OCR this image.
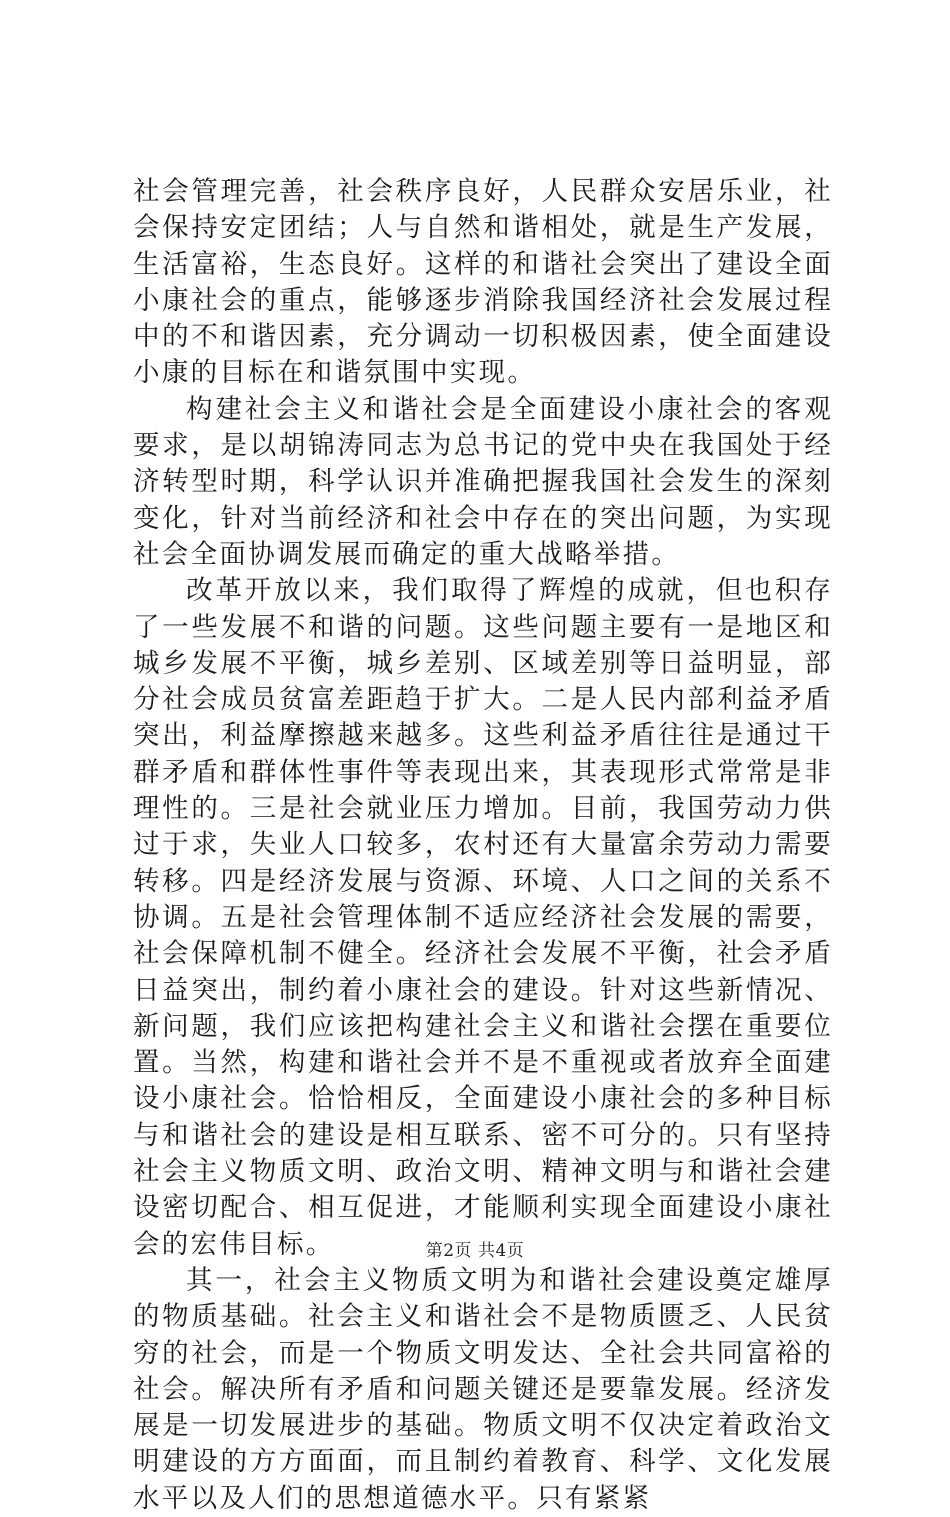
社会管理完善，社会秩序良好，人民群众安居乐业，社会保持安定团结；人与自然和谐相处，就是生产发展，生活富裕，生态良好。这样的和谐社会突出了建设全面小康社会的重点，能够逐步消除我国经济社会发展过程中的不和谐因素，充分调动一切积极因素，使全面建设小康的目标在和谐氛围中实现。

构建社会主义和谐社会是全面建设小康社会的客观要求，是以胡锦涛同志为总书记的党中央在我国处于经济转型时期，科学认识并准确把握我国社会发生的深刻变化，针对当前经济和社会中存在的突出问题，为实现社会全面协调发展而确定的重大战略举措。

改革开放以来，我们取得了辉煌的成就，但也积存了一些发展不和谐的问题。这些问题主要有一是地区和城乡发展不平衡，城乡差别、区域差别等日益明显，部分社会成员贫富差距趋于扩大。二是人民内部利益矛盾突出，利益摩擦越来越多。这些利益矛盾往往是通过干群矛盾和群体性事件等表现出来，其表现形式常常是非理性的。三是社会就业压力增加。目前，我国劳动力供过于求，失业人口较多，农村还有大量富余劳动力需要转移。四是经济发展与资源、环境、人口之间的关系不协调。五是社会管理体制不适应经济社会发展的需要，社会保障机制不健全。经济社会发展不平衡，社会矛盾日益突出，制约着小康社会的建设。针对这些新情况、新问题，我们应该把构建社会主义和谐社会摆在重要位置。当然，构建和谐社会并不是不重视或者放弃全面建设小康社会。恰恰相反，全面建设小康社会的多种目标与和谐社会的建设是相互联系、密不可分的。只有坚持社会主义物质文明、政治文明、精神文明与和谐社会建设密切配合、相互促进，才能顺利实现全面建设小康社会的宏伟目标。

其一，社会主义物质文明为和谐社会建设奠定雄厚的物质基础。社会主义和谐社会不是物质匮乏、人民贫穷的社会，而是一个物质文明发达、全社会共同富裕的社会。解决所有矛盾和问题关键还是要靠发展。经济发展是一切发展进步的基础。物质文明不仅决定着政治文明建设的方方面面，而且制约着教育、科学、文化发展水平以及人们的思想道德水平。只有紧紧

第2页 共4页
